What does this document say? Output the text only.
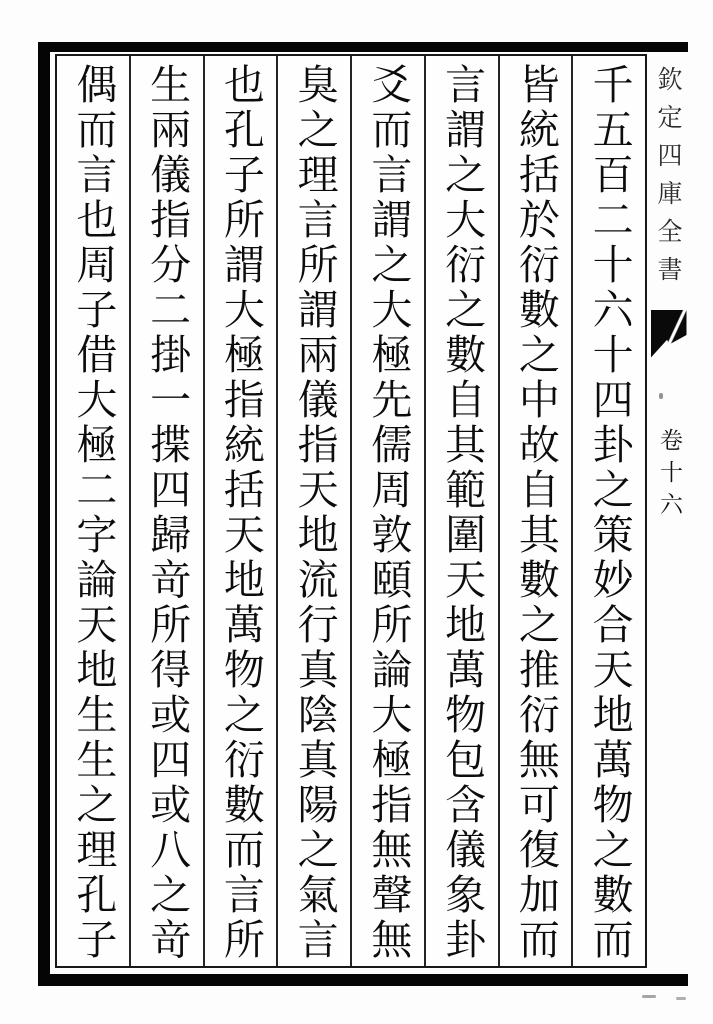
千五百二十六十四卦之策妙合天地萬物之數而
皆統括於衍數之中故自其數之推衍無可復加而
言謂之大衍之數自其範圍天地萬物包含儀象卦
爻而言謂之大極先儒周敦頤所論大極指無聲無
臭之理言所謂兩儀指天地流行真陰真陽之氣言
也孔子所謂大極指統括天地萬物之衍數而言所
生兩儀指分二掛一揲四歸竒所得或四或八之竒
偶而言也周子借大極二字論天地生生之理孔子	欽定四庫全書
卷十六
